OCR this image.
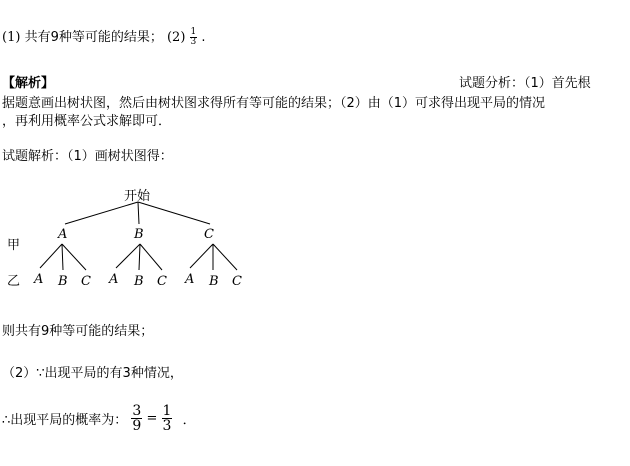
(1) 共有9种等可能的结果； $(2) \frac{1}{3}$ .
【解析】	试题分析：（1）首先根
据题意画出树状图，然后由树状图求得所有等可能的结果；（2）由（1）可求得出现平局的情况
，再利用概率公式求解即可．
试题解析：（1）画树状图得：
开始
甲
乙
A	B	C
A B C A B C A B C
则共有9种等可能的结果；
（2）∵出现平局的有3种情况，
∴出现平局的概率为： $\frac{3}{9} = \frac{1}{3}$ ．
